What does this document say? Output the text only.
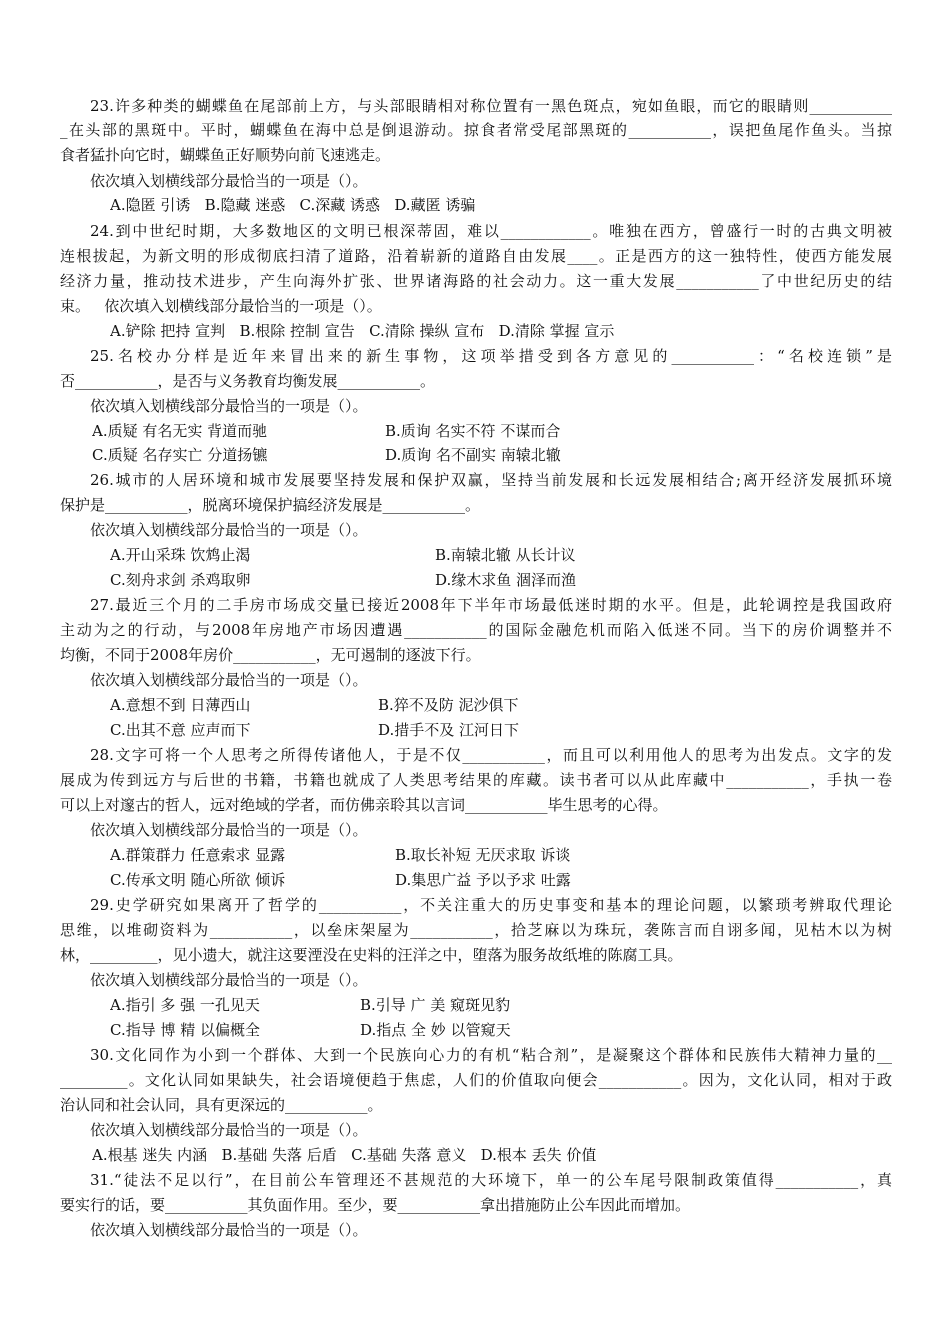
23.许多种类的蝴蝶鱼在尾部前上方，与头部眼睛相对称位置有一黑色斑点，宛如鱼眼，而它的眼睛则___________
_在头部的黑斑中。平时，蝴蝶鱼在海中总是倒退游动。掠食者常受尾部黑斑的___________，误把鱼尾作鱼头。当掠
食者猛扑向它时，蝴蝶鱼正好顺势向前飞速逃走。
依次填入划横线部分最恰当的一项是（）。
A.隐匿 引诱   B.隐藏 迷惑   C.深藏 诱惑   D.藏匿 诱骗
24.到中世纪时期，大多数地区的文明已根深蒂固，难以____________。唯独在西方，曾盛行一时的古典文明被
连根拔起，为新文明的形成彻底扫清了道路，沿着崭新的道路自由发展____。正是西方的这一独特性，使西方能发展
经济力量，推动技术进步，产生向海外扩张、世界诸海路的社会动力。这一重大发展___________了中世纪历史的结
束。   依次填入划横线部分最恰当的一项是（）。
A.铲除 把持 宣判   B.根除 控制 宣告   C.清除 操纵 宣布   D.清除 掌握 宣示
25.名校办分样是近年来冒出来的新生事物，这项举措受到各方意见的___________：“名校连锁”是
否___________，是否与义务教育均衡发展___________。
依次填入划横线部分最恰当的一项是（）。
A.质疑 有名无实 背道而驰	B.质询 名实不符 不谋而合
C.质疑 名存实亡 分道扬镳	D.质询 名不副实 南辕北辙
26.城市的人居环境和城市发展要坚持发展和保护双赢，坚持当前发展和长远发展相结合;离开经济发展抓环境
保护是___________，脱离环境保护搞经济发展是___________。
依次填入划横线部分最恰当的一项是（）。
A.开山采珠 饮鸩止渴	B.南辕北辙 从长计议
C.刻舟求剑 杀鸡取卵	D.缘木求鱼 涸泽而渔
27.最近三个月的二手房市场成交量已接近2008年下半年市场最低迷时期的水平。但是，此轮调控是我国政府
主动为之的行动，与2008年房地产市场因遭遇___________的国际金融危机而陷入低迷不同。当下的房价调整并不
均衡，不同于2008年房价___________，无可遏制的逐波下行。
依次填入划横线部分最恰当的一项是（）。
A.意想不到 日薄西山	B.猝不及防 泥沙俱下
C.出其不意 应声而下	D.措手不及 江河日下
28.文字可将一个人思考之所得传诸他人，于是不仅___________，而且可以利用他人的思考为出发点。文字的发
展成为传到远方与后世的书籍，书籍也就成了人类思考结果的库藏。读书者可以从此库藏中___________，手执一卷
可以上对邃古的哲人，远对绝域的学者，而仿佛亲聆其以言词___________毕生思考的心得。
依次填入划横线部分最恰当的一项是（）。
A.群策群力 任意索求 显露	B.取长补短 无厌求取 诉谈
C.传承文明 随心所欲 倾诉	D.集思广益 予以予求 吐露
29.史学研究如果离开了哲学的___________，不关注重大的历史事变和基本的理论问题，以繁琐考辨取代理论
思维，以堆砌资料为___________，以垒床架屋为___________，拾芝麻以为珠玩，袭陈言而自诩多闻，见枯木以为树
林，_________，见小遗大，就注这要湮没在史料的汪洋之中，堕落为服务故纸堆的陈腐工具。
依次填入划横线部分最恰当的一项是（）。
A.指引 多 强 一孔见天	B.引导 广 美 窥斑见豹
C.指导 博 精 以偏概全	D.指点 全 妙 以管窥天
30.文化同作为小到一个群体、大到一个民族向心力的有机“粘合剂”，是凝聚这个群体和民族伟大精神力量的__
_________。文化认同如果缺失，社会语境便趋于焦虑，人们的价值取向便会___________。因为，文化认同，相对于政
治认同和社会认同，具有更深远的___________。
依次填入划横线部分最恰当的一项是（）。
A.根基 迷失 内涵   B.基础 失落 后盾   C.基础 失落 意义   D.根本 丢失 价值
31.“徒法不足以行”，在目前公车管理还不甚规范的大环境下，单一的公车尾号限制政策值得___________，真
要实行的话，要___________其负面作用。至少，要___________拿出措施防止公车因此而增加。
依次填入划横线部分最恰当的一项是（）。
